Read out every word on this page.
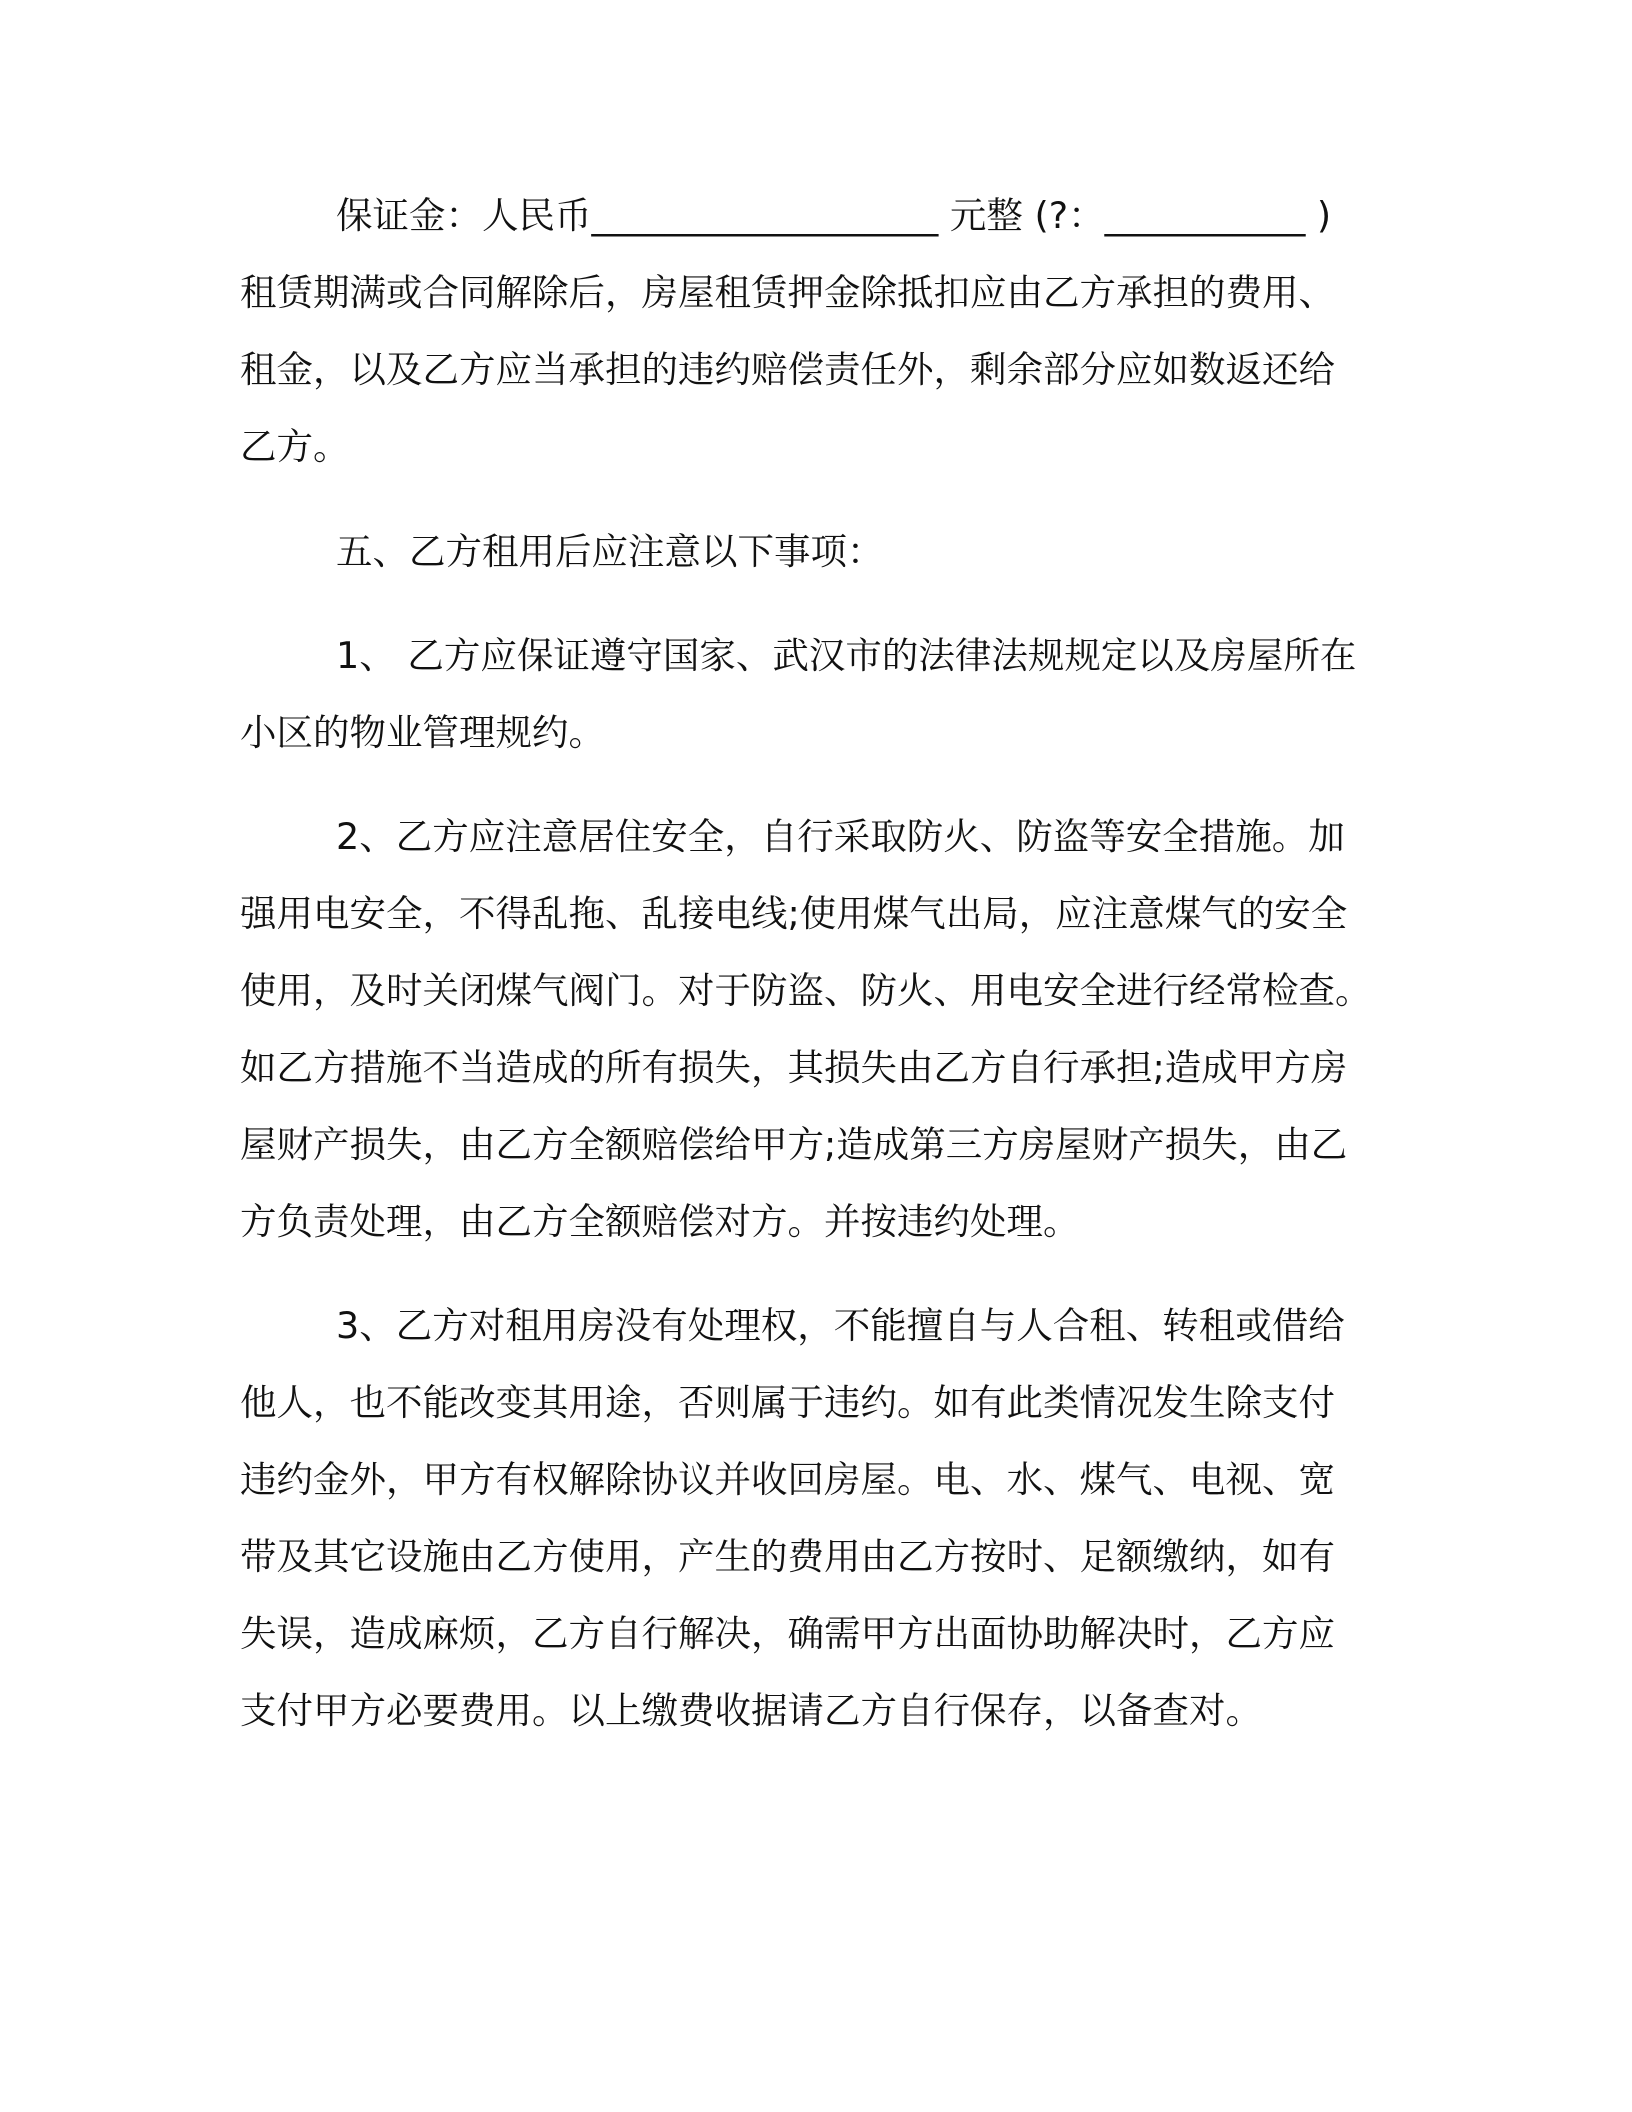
保证金：人民币___________________ 元整 (?：___________ )
租赁期满或合同解除后，房屋租赁押金除抵扣应由乙方承担的费用、
租金，以及乙方应当承担的违约赔偿责任外，剩余部分应如数返还给
乙方。
五、乙方租用后应注意以下事项：
1、 乙方应保证遵守国家、武汉市的法律法规规定以及房屋所在
小区的物业管理规约。
2、乙方应注意居住安全，自行采取防火、防盗等安全措施。加
强用电安全，不得乱拖、乱接电线;使用煤气出局，应注意煤气的安全
使用，及时关闭煤气阀门。对于防盗、防火、用电安全进行经常检查。
如乙方措施不当造成的所有损失，其损失由乙方自行承担;造成甲方房
屋财产损失，由乙方全额赔偿给甲方;造成第三方房屋财产损失，由乙
方负责处理，由乙方全额赔偿对方。并按违约处理。
3、乙方对租用房没有处理权，不能擅自与人合租、转租或借给
他人，也不能改变其用途，否则属于违约。如有此类情况发生除支付
违约金外，甲方有权解除协议并收回房屋。电、水、煤气、电视、宽
带及其它设施由乙方使用，产生的费用由乙方按时、足额缴纳，如有
失误，造成麻烦，乙方自行解决，确需甲方出面协助解决时，乙方应
支付甲方必要费用。以上缴费收据请乙方自行保存，以备查对。
